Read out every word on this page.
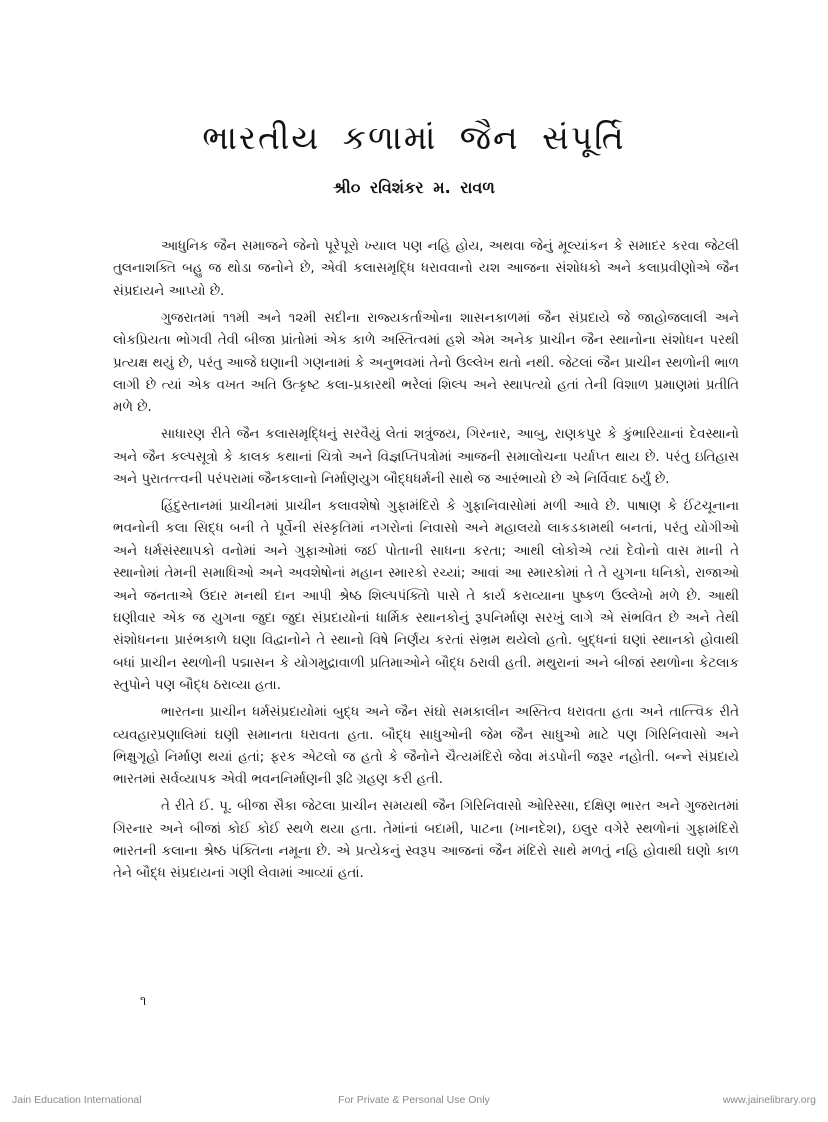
ભારતીય કળામાં જૈન સંપૂર્તિ
શ્રી૦ રવિશંકર મ. રાવળ

આધુનિક જૈન સમાજને જેનો પૂરેપૂરો ખ્યાલ પણ નહિ હોય, અથવા જેનું મૂલ્યાંકન કે સમાદર કરવા જેટલી તુલનાશક્તિ બહુ જ થોડા જનોને છે, એવી કલાસમૃદ્ધિ ધરાવવાનો યશ આજના સંશોધકો અને કલાપ્રવીણોએ જૈન સંપ્રદાયને આપ્યો છે.

ગુજરાતમાં ૧૧મી અને ૧૨મી સદીના રાજ્યકર્તાઓના શાસનકાળમાં જૈન સંપ્રદાયે જે જાહોજલાલી અને લોકપ્રિયતા ભોગવી તેવી બીજા પ્રાંતોમાં એક કાળે અસ્તિત્વમાં હશે એમ અનેક પ્રાચીન જૈન સ્થાનોના સંશોધન પરથી પ્રત્યક્ષ થયું છે, પરંતુ આજે ઘણાની ગણનામાં કે અનુભવમાં તેનો ઉલ્લેખ થતો નથી. જેટલાં જૈન પ્રાચીન સ્થળોની ભાળ લાગી છે ત્યાં એક વખત અતિ ઉત્કૃષ્ટ કલા-પ્રકારથી ભરેલાં શિલ્પ અને સ્થાપત્યો હતાં તેની વિશાળ પ્રમાણમાં પ્રતીતિ મળે છે.

સાધારણ રીતે જૈન કલાસમૃદ્ધિનું સરવૈયું લેતાં શત્રુંજય, ગિરનાર, આબુ, રાણકપુર કે કુંભારિયાનાં દેવસ્થાનો અને જૈન કલ્પસૂત્રો કે કાલક કથાનાં ચિત્રો અને વિજ્ઞપ્તિપત્રોમાં આજની સમાલોચના પર્યાપ્ત થાય છે. પરંતુ ઇતિહાસ અને પુરાતત્ત્વની પરંપરામાં જૈનકલાનો નિર્માણયુગ બૌદ્ધધર્મની સાથે જ આરંભાયો છે એ નિર્વિવાદ ઠર્યું છે.

હિંદુસ્તાનમાં પ્રાચીનમાં પ્રાચીન કલાવશેષો ગુફામંદિરો કે ગુફાનિવાસોમાં મળી આવે છે. પાષાણ કે ઈંટચૂનાના ભવનોની કલા સિદ્ધ બની તે પૂર્વેની સંસ્કૃતિમાં નગરોનાં નિવાસો અને મહાલયો લાકડકામથી બનતાં, પરંતુ યોગીઓ અને ધર્મસંસ્થાપકો વનોમાં અને ગુફાઓમાં જઈ પોતાની સાધના કરતા; આથી લોકોએ ત્યાં દેવોનો વાસ માની તે સ્થાનોમાં તેમની સમાધિઓ અને અવશેષોનાં મહાન સ્મારકો રચ્યાં; આવાં આ સ્મારકોમાં તે તે યુગના ધનિકો, રાજાઓ અને જનતાએ ઉદાર મનથી દાન આપી શ્રેષ્ઠ શિલ્પપંક્તિો પાસે તે કાર્ય કરાવ્યાના પુષ્કળ ઉલ્લેખો મળે છે. આથી ઘણીવાર એક જ યુગના જુદા જુદા સંપ્રદાયોનાં ધાર્મિક સ્થાનકોનું રૂપનિર્માણ સરખું લાગે એ સંભવિત છે અને તેથી સંશોધનના પ્રારંભકાળે ઘણા વિદ્વાનોને તે સ્થાનો વિષે નિર્ણય કરતાં સંભ્રમ થયેલો હતો. બુદ્ધનાં ઘણાં સ્થાનકો હોવાથી બધાં પ્રાચીન સ્થળોની પદ્માસન કે યોગમુદ્રાવાળી પ્રતિમાઓને બૌદ્ધ ઠરાવી હતી. મથુરાનાં અને બીજાં સ્થળોના કેટલાક સ્તુપોને પણ બૌદ્ધ ઠરાવ્યા હતા.

ભારતના પ્રાચીન ધર્મસંપ્રદાયોમાં બુદ્ધ અને જૈન સંઘો સમકાલીન અસ્તિત્વ ધરાવતા હતા અને તાત્ત્વિક રીતે વ્યવહારપ્રણાલિમાં ઘણી સમાનતા ધરાવતા હતા. બૌદ્ધ સાધુઓની જેમ જૈન સાધુઓ માટે પણ ગિરિનિવાસો અને ભિક્ષુગૃહો નિર્માણ થયાં હતાં; ફરક એટલો જ હતો કે જૈનોને ચૈત્યમંદિરો જેવા મંડપોની જરૂર નહોતી. બન્ને સંપ્રદાયે ભારતમાં સર્વવ્યાપક એવી ભવનનિર્માણની રૂઢિ ગ્રહણ કરી હતી.

તે રીતે ઈ. પૂ. બીજા સૈકા જેટલા પ્રાચીન સમયથી જૈન ગિરિનિવાસો ઓરિસ્સા, દક્ષિણ ભારત અને ગુજરાતમાં ગિરનાર અને બીજાં કોઈ કોઈ સ્થળે થયા હતા. તેમાંનાં બદામી, પાટના (ખાનદેશ), ઇલુર વગેરે સ્થળોનાં ગુફામંદિરો ભારતની કલાના શ્રેષ્ઠ પંક્તિના નમૂના છે. એ પ્રત્યેકનું સ્વરૂપ આજનાં જૈન મંદિરો સાથે મળતું નહિ હોવાથી ઘણો કાળ તેને બૌદ્ધ સંપ્રદાયનાં ગણી લેવામાં આવ્યાં હતાં.

૧
Jain Education International	For Private & Personal Use Only	www.jainelibrary.org
